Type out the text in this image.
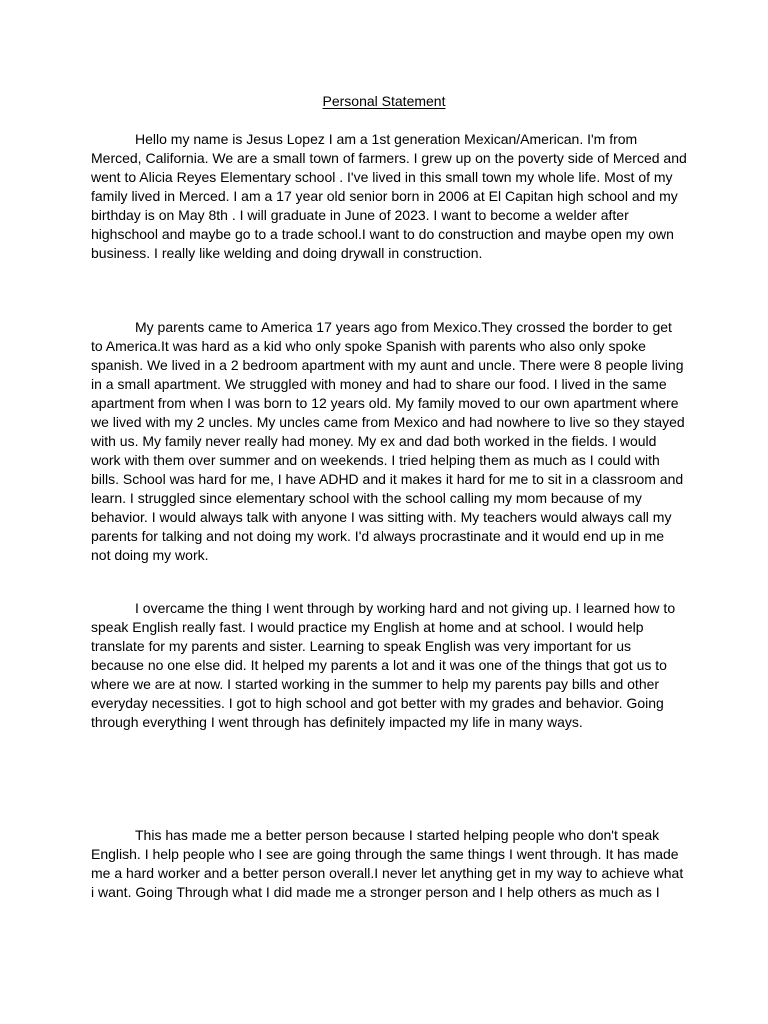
Personal Statement
Hello my name is Jesus Lopez I am a 1st generation Mexican/American. I'm from
Merced, California. We are a small town of farmers. I grew up on the poverty side of Merced and
went to Alicia Reyes Elementary school . I've lived in this small town my whole life. Most of my
family lived in Merced. I am a 17 year old senior born in 2006 at El Capitan high school and my
birthday is on May 8th . I will graduate in June of 2023. I want to become a welder after
highschool and maybe go to a trade school.I want to do construction and maybe open my own
business. I really like welding and doing drywall in construction.
My parents came to America 17 years ago from Mexico.They crossed the border to get
to America.It was hard as a kid who only spoke Spanish with parents who also only spoke
spanish. We lived in a 2 bedroom apartment with my aunt and uncle. There were 8 people living
in a small apartment. We struggled with money and had to share our food. I lived in the same
apartment from when I was born to 12 years old. My family moved to our own apartment where
we lived with my 2 uncles. My uncles came from Mexico and had nowhere to live so they stayed
with us. My family never really had money. My ex and dad both worked in the fields. I would
work with them over summer and on weekends. I tried helping them as much as I could with
bills. School was hard for me, I have ADHD and it makes it hard for me to sit in a classroom and
learn. I struggled since elementary school with the school calling my mom because of my
behavior. I would always talk with anyone I was sitting with. My teachers would always call my
parents for talking and not doing my work. I'd always procrastinate and it would end up in me
not doing my work.
I overcame the thing I went through by working hard and not giving up. I learned how to
speak English really fast. I would practice my English at home and at school. I would help
translate for my parents and sister. Learning to speak English was very important for us
because no one else did. It helped my parents a lot and it was one of the things that got us to
where we are at now. I started working in the summer to help my parents pay bills and other
everyday necessities. I got to high school and got better with my grades and behavior. Going
through everything I went through has definitely impacted my life in many ways.
This has made me a better person because I started helping people who don't speak
English. I help people who I see are going through the same things I went through. It has made
me a hard worker and a better person overall.I never let anything get in my way to achieve what
i want. Going Through what I did made me a stronger person and I help others as much as I
